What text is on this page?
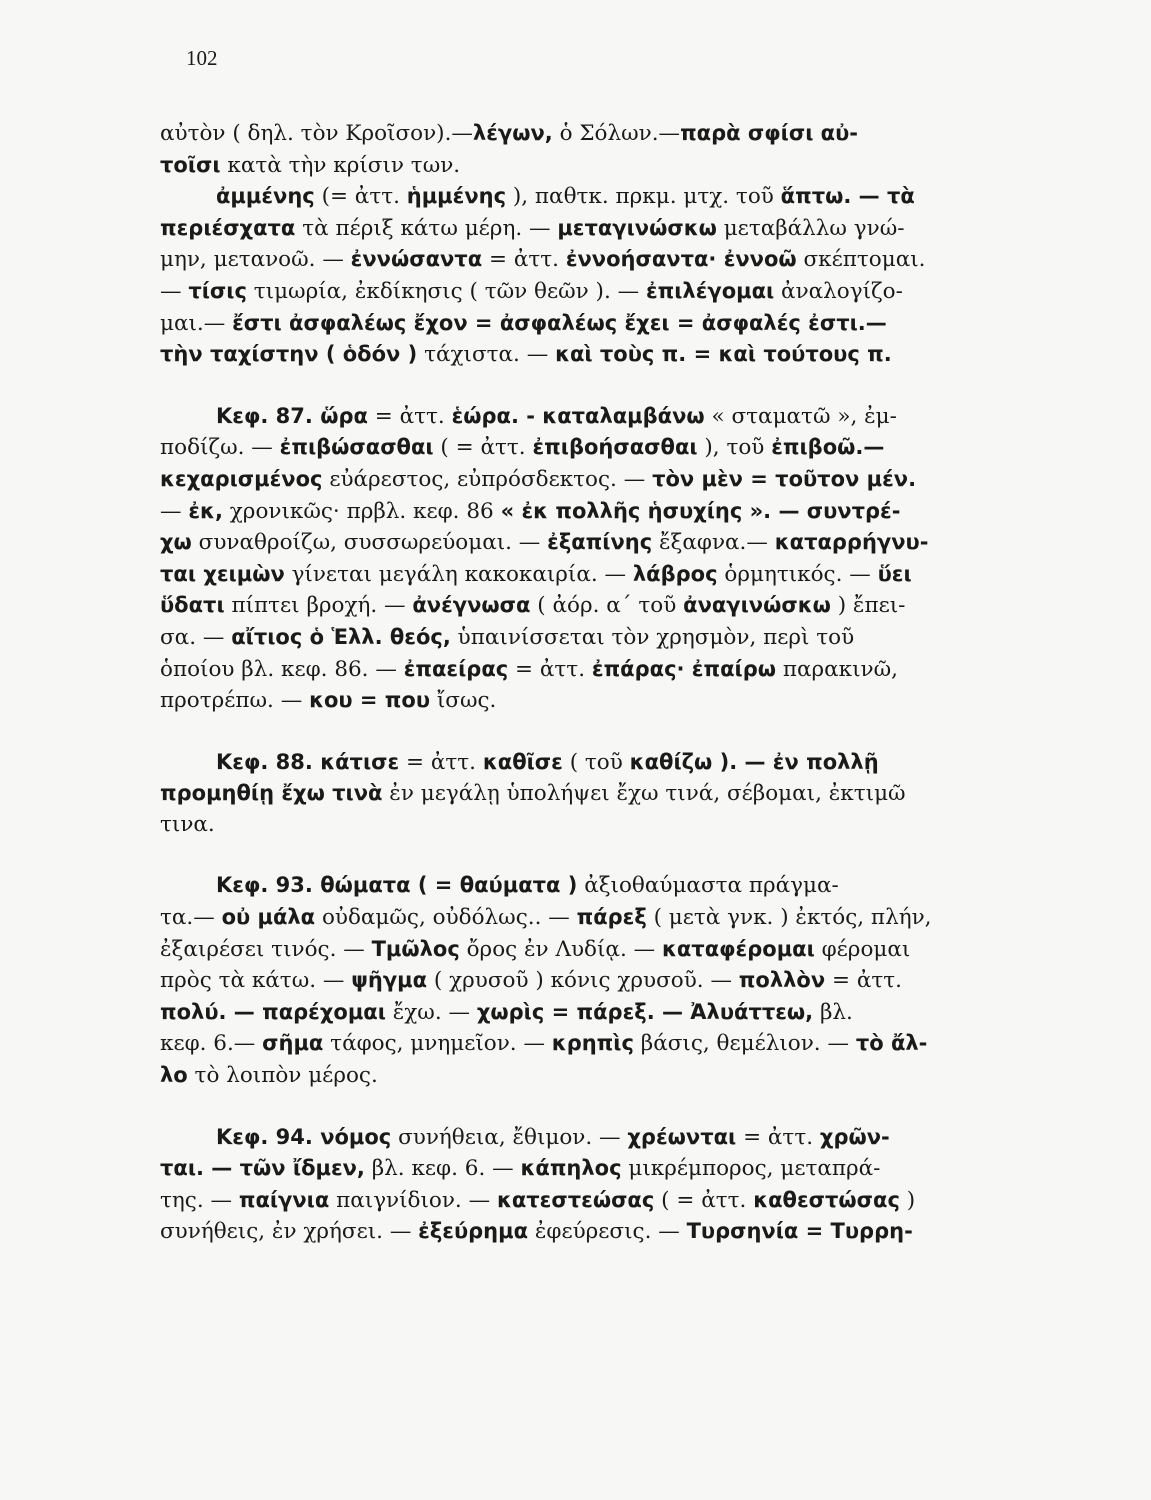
102
αὐτὸν ( δηλ. τὸν Κροῖσον).—λέγων, ὁ Σόλων.—παρὰ σφίσι αὐ-
τοῖσι κατὰ τὴν κρίσιν των.
ἀμμένης (= ἀττ. ἡμμένης ), παθτκ. πρκμ. μτχ. τοῦ ἅπτω. — τὰ
περιέσχατα τὰ πέριξ κάτω μέρη. — μεταγινώσκω μεταβάλλω γνώ-
μην, μετανοῶ. — ἐννώσαντα = ἀττ. ἐννοήσαντα· ἐννοῶ σκέπτομαι.
— τίσις τιμωρία, ἐκδίκησις ( τῶν θεῶν ). — ἐπιλέγομαι ἀναλογίζο-
μαι.— ἔστι ἀσφαλέως ἔχον = ἀσφαλέως ἔχει = ἀσφαλές ἐστι.—
τὴν ταχίστην ( ὁδόν ) τάχιστα. — καὶ τοὺς π. = καὶ τούτους π.
Κεφ. 87. ὥρα = ἀττ. ἑώρα. - καταλαμβάνω « σταματῶ », ἐμ-
ποδίζω. — ἐπιβώσασθαι ( = ἀττ. ἐπιβοήσασθαι ), τοῦ ἐπιβοῶ.—
κεχαρισμένος εὐάρεστος, εὐπρόσδεκτος. — τὸν μὲν = τοῦτον μέν.
— ἐκ, χρονικῶς· πρβλ. κεφ. 86 « ἐκ πολλῆς ἡσυχίης ». — συντρέ-
χω συναθροίζω, συσσωρεύομαι. — ἐξαπίνης ἔξαφνα.— καταρρήγνυ-
ται χειμὼν γίνεται μεγάλη κακοκαιρία. — λάβρος ὁρμητικός. — ὕει
ὕδατι πίπτει βροχή. — ἀνέγνωσα ( ἀόρ. α΄ τοῦ ἀναγινώσκω ) ἔπει-
σα. — αἴτιος ὁ Ἑλλ. θεός, ὑπαινίσσεται τὸν χρησμὸν, περὶ τοῦ
ὁποίου βλ. κεφ. 86. — ἐπαείρας = ἀττ. ἐπάρας· ἐπαίρω παρακινῶ,
προτρέπω. — κου = που ἴσως.
Κεφ. 88. κάτισε = ἀττ. καθῖσε ( τοῦ καθίζω ). — ἐν πολλῇ
προμηθίῃ ἔχω τινὰ ἐν μεγάλῃ ὑπολήψει ἔχω τινά, σέβομαι, ἐκτιμῶ
τινα.
Κεφ. 93. θώματα ( = θαύματα ) ἀξιοθαύμαστα πράγμα-
τα.— οὐ μάλα οὐδαμῶς, οὐδόλως.. — πάρεξ ( μετὰ γνκ. ) ἐκτός, πλήν,
ἐξαιρέσει τινός. — Τμῶλος ὄρος ἐν Λυδίᾳ. — καταφέρομαι φέρομαι
πρὸς τὰ κάτω. — ψῆγμα ( χρυσοῦ ) κόνις χρυσοῦ. — πολλὸν = ἀττ.
πολύ. — παρέχομαι ἔχω. — χωρὶς = πάρεξ. — Ἀλυάττεω, βλ.
κεφ. 6.— σῆμα τάφος, μνημεῖον. — κρηπὶς βάσις, θεμέλιον. — τὸ ἄλ-
λο τὸ λοιπὸν μέρος.
Κεφ. 94. νόμος συνήθεια, ἔθιμον. — χρέωνται = ἀττ. χρῶν-
ται. — τῶν ἴδμεν, βλ. κεφ. 6. — κάπηλος μικρέμπορος, μεταπρά-
της. — παίγνια παιγνίδιον. — κατεστεώσας ( = ἀττ. καθεστώσας )
συνήθεις, ἐν χρήσει. — ἐξεύρημα ἐφεύρεσις. — Τυρσηνία = Τυρρη-
